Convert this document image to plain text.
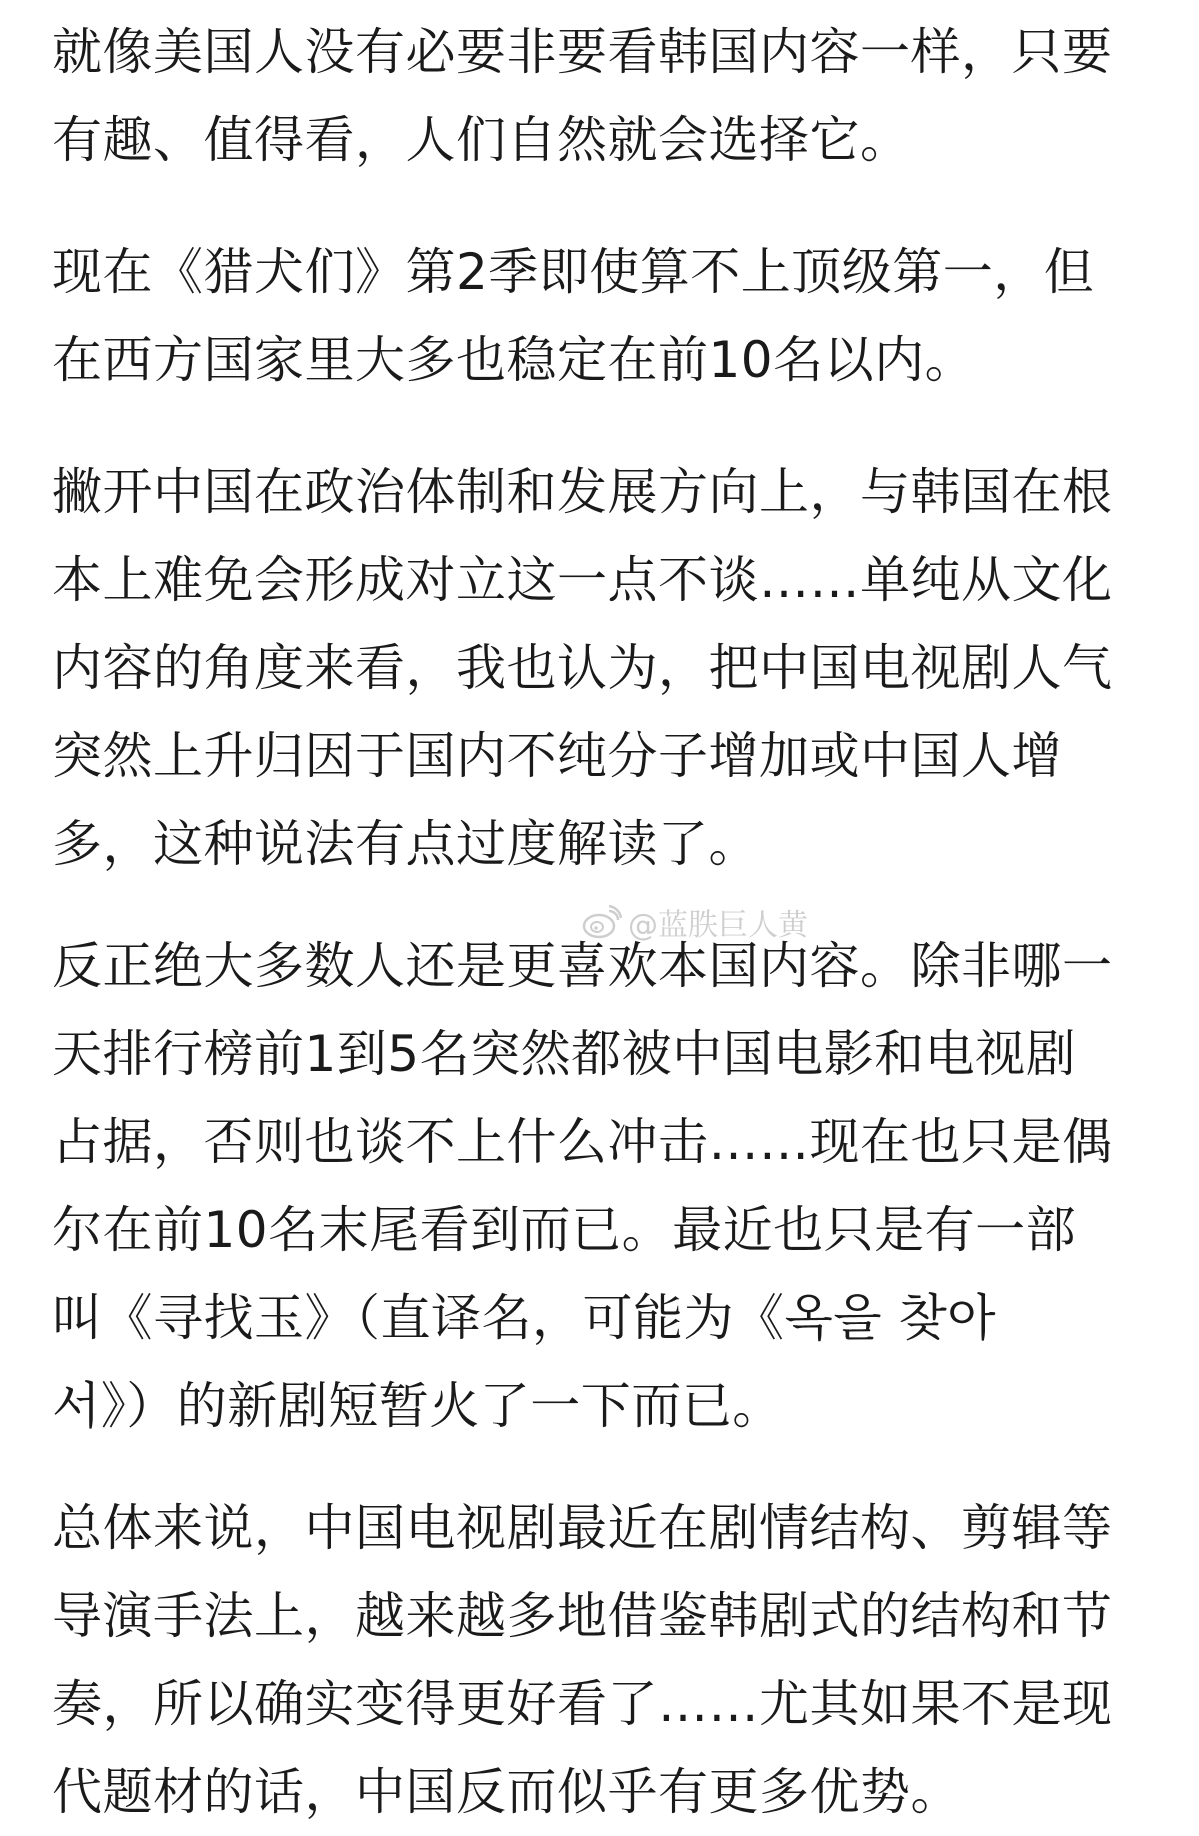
就像美国人没有必要非要看韩国内容一样，只要
有趣、值得看，人们自然就会选择它。
现在《猎犬们》第2季即使算不上顶级第一，但
在西方国家里大多也稳定在前10名以内。
撇开中国在政治体制和发展方向上，与韩国在根
本上难免会形成对立这一点不谈……单纯从文化
内容的角度来看，我也认为，把中国电视剧人气
突然上升归因于国内不纯分子增加或中国人增
多，这种说法有点过度解读了。
反正绝大多数人还是更喜欢本国内容。除非哪一
天排行榜前1到5名突然都被中国电影和电视剧
占据，否则也谈不上什么冲击……现在也只是偶
尔在前10名末尾看到而已。最近也只是有一部
叫《寻找玉》（直译名，可能为《옥을 찾아
서》）的新剧短暂火了一下而已。
总体来说，中国电视剧最近在剧情结构、剪辑等
导演手法上，越来越多地借鉴韩剧式的结构和节
奏，所以确实变得更好看了……尤其如果不是现
代题材的话，中国反而似乎有更多优势。
@蓝胅巨人黄
